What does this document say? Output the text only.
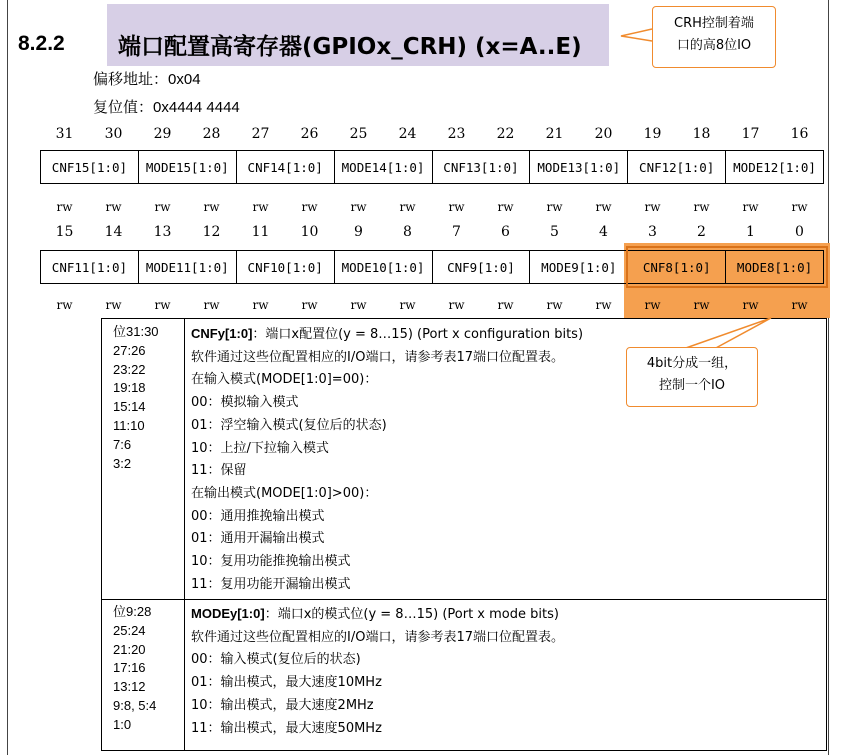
8.2.2 端口配置高寄存器(GPIOx_CRH) (x=A..E)
偏移地址：0x04
复位值：0x4444 4444
31	30	29	28	27	26	25	24	23	22	21	20	19	18	17	16
CNF15[1:0]	MODE15[1:0]	CNF14[1:0]	MODE14[1:0]	CNF13[1:0]	MODE13[1:0]	CNF12[1:0]	MODE12[1:0]
rw	rw	rw	rw	rw	rw	rw	rw	rw	rw	rw	rw	rw	rw	rw	rw
15	14	13	12	11	10	9	8	7	6	5	4	3	2	1	0
CNF11[1:0]	MODE11[1:0]	CNF10[1:0]	MODE10[1:0]	CNF9[1:0]	MODE9[1:0]	CNF8[1:0]	MODE8[1:0]
rw	rw	rw	rw	rw	rw	rw	rw	rw	rw	rw	rw	rw	rw	rw	rw
位31:30
27:26
23:22
19:18
15:14
11:10
7:6
3:2
CNFy[1:0]：端口x配置位(y = 8…15) (Port x configuration bits)
软件通过这些位配置相应的I/O端口，请参考表17端口位配置表。
在输入模式(MODE[1:0]=00)：
00：模拟输入模式
01：浮空输入模式(复位后的状态)
10：上拉/下拉输入模式
11：保留
在输出模式(MODE[1:0]>00)：
00：通用推挽输出模式
01：通用开漏输出模式
10：复用功能推挽输出模式
11：复用功能开漏输出模式
位9:28
25:24
21:20
17:16
13:12
9:8, 5:4
1:0
MODEy[1:0]：端口x的模式位(y = 8…15) (Port x mode bits)
软件通过这些位配置相应的I/O端口，请参考表17端口位配置表。
00：输入模式(复位后的状态)
01：输出模式，最大速度10MHz
10：输出模式，最大速度2MHz
11：输出模式，最大速度50MHz
CRH控制着端
口的高8位IO
4bit分成一组，
控制一个IO
